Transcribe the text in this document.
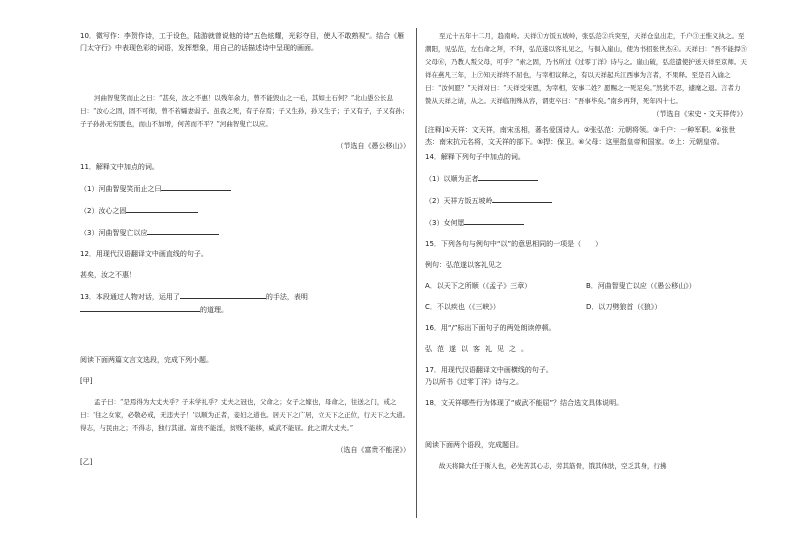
10．微写作：李贺作诗，工于设色，陆游就曾说他的诗“五色炫耀，光彩夺目，使人不敢熟视”。结合《雁门太守行》中表现色彩的词语，发挥想象，用自己的话描述诗中呈现的画面。

河曲智叟笑而止之曰：“甚矣，汝之不惠！以残年余力，曾不能毁山之一毛，其如土石何？”北山愚公长息曰：“汝心之固，固不可彻，曾不若孀妻弱子。虽我之死，有子存焉；子又生孙，孙又生子；子又有子，子又有孙；子子孙孙无穷匮也，而山不加增，何苦而不平？”河曲智叟亡以应。

（节选自《愚公移山》）

11．解释文中加点的词。

（1）河曲智叟笑而止之曰

（2）汝心之固

（3）河曲智叟亡以应

12．用现代汉语翻译文中画直线的句子。

甚矣，汝之不惠！

13．本段通过人物对话，运用了	的手法，表明

的道理。

阅读下面两篇文言文选段，完成下列小题。

[甲]

孟子曰：“是焉得为大丈夫乎？子未学礼乎？丈夫之冠也，父命之；女子之嫁也，母命之，往送之门，戒之曰：‘往之女家，必敬必戒，无违夫子！’以顺为正者，妾妇之道也。居天下之广居，立天下之正位，行天下之大道。得志，与民由之；不得志，独行其道。富贵不能淫，贫贱不能移，威武不能屈。此之谓大丈夫。”

（选自《富贵不能淫》）

[乙]

至元十五年十二月，趋南岭。天祥①方饭五坡岭，张弘范②兵突至，天祥仓皇出走，千户③王惟义执之。至潮阳，见弘范，左右命之拜，不拜，弘范遂以客礼见之，与俱入崖山，使为书招张世杰④。天祥曰：“吾不能捍⑤父母⑥，乃教人叛父母，可乎？”索之固，乃书所过《过零丁洋》诗与之。崖山破，弘范遣使护送天祥至京师。天祥在燕凡三年，上⑦知天祥终不屈也，与宰相议释之，有以天祥起兵江西事为言者，不果释。至是召入谕之曰：“汝何愿？”天祥对曰：“天祥受宋恩，为宰相，安事二姓？愿赐之一死足矣。”然犹不忍，遽麾之退。言者力赞从天祥之请，从之。天祥临刑殊从容，谓吏卒曰：“吾事毕矣。”南乡再拜，死年四十七。

（节选自《宋史・文天祥传》）

[注释]①天祥：文天祥，南宋丞相，著名爱国诗人。②张弘范：元朝将领。③千户：一种军职。④张世杰：南宋抗元名将，文天祥的部下。⑤捍：保卫。⑥父母：这里指皇帝和国家。⑦上：元朝皇帝。

14．解释下列句子中加点的词。

（1）以顺为正者

（2）天祥方饭五坡岭

（3）女何愿

15．下列各句与例句中“以”的意思相同的一项是（　　）

例句：弘范遂以客礼见之

A．以天下之所顺（《孟子》三章）	B．河曲智叟亡以应（《愚公移山》）
C．不以疾也（《三峡》）	D．以刀劈狼首（《狼》）

16．用“/”标出下面句子的两处朗读停顿。

弘范遂以客礼见之。

17．用现代汉语翻译文中画横线的句子。

乃以所书《过零丁洋》诗与之。

18．文天祥哪些行为体现了“威武不能屈”？结合选文具体说明。

阅读下面两个语段，完成题目。

故天将降大任于斯人也，必先苦其心志，劳其筋骨，饿其体肤，空乏其身，行拂
